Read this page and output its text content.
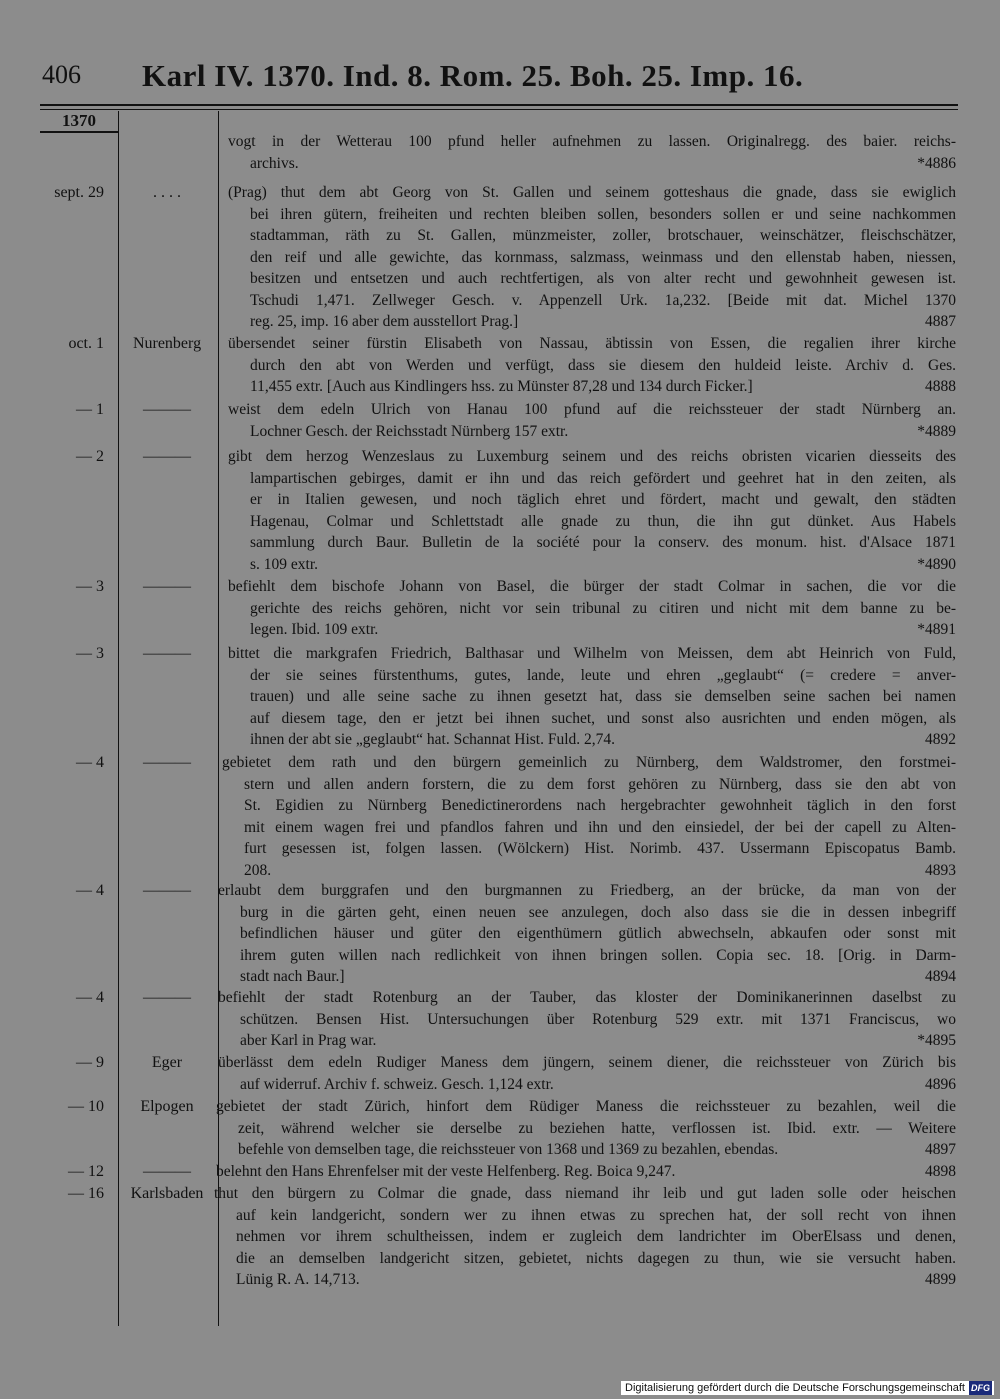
406 Karl IV. 1370. Ind. 8. Rom. 25. Boh. 25. Imp. 16.
1370
vogt in der Wetterau 100 pfund heller aufnehmen zu lassen. Originalregg. des baier. reichs-
archivs.	*4886
sept. 29	. . . .	(Prag) thut dem abt Georg von St. Gallen und seinem gotteshaus die gnade, dass sie ewiglich
bei ihren gütern, freiheiten und rechten bleiben sollen, besonders sollen er und seine nachkommen
stadtamman, räth zu St. Gallen, münzmeister, zoller, brotschauer, weinschätzer, fleischschätzer,
den reif und alle gewichte, das kornmass, salzmass, weinmass und den ellenstab haben, niessen,
besitzen und entsetzen und auch rechtfertigen, als von alter recht und gewohnheit gewesen ist.
Tschudi 1,471. Zellweger Gesch. v. Appenzell Urk. 1a,232. [Beide mit dat. Michel 1370
reg. 25, imp. 16 aber dem ausstellort Prag.]	4887
oct. 1	Nurenberg	übersendet seiner fürstin Elisabeth von Nassau, äbtissin von Essen, die regalien ihrer kirche
durch den abt von Werden und verfügt, dass sie diesem den huldeid leiste. Archiv d. Ges.
11,455 extr. [Auch aus Kindlingers hss. zu Münster 87,28 und 134 durch Ficker.]	4888
— 1	———	weist dem edeln Ulrich von Hanau 100 pfund auf die reichssteuer der stadt Nürnberg an.
Lochner Gesch. der Reichsstadt Nürnberg 157 extr.	*4889
— 2	———	gibt dem herzog Wenzeslaus zu Luxemburg seinem und des reichs obristen vicarien diesseits des
lampartischen gebirges, damit er ihn und das reich gefördert und geehret hat in den zeiten, als
er in Italien gewesen, und noch täglich ehret und fördert, macht und gewalt, den städten
Hagenau, Colmar und Schlettstadt alle gnade zu thun, die ihn gut dünket. Aus Habels
sammlung durch Baur. Bulletin de la société pour la conserv. des monum. hist. d'Alsace 1871
s. 109 extr.	*4890
— 3	———	befiehlt dem bischofe Johann von Basel, die bürger der stadt Colmar in sachen, die vor die
gerichte des reichs gehören, nicht vor sein tribunal zu citiren und nicht mit dem banne zu be-
legen. Ibid. 109 extr.	*4891
— 3	———	bittet die markgrafen Friedrich, Balthasar und Wilhelm von Meissen, dem abt Heinrich von Fuld,
der sie seines fürstenthums, gutes, lande, leute und ehren „geglaubt“ (= credere = anver-
trauen) und alle seine sache zu ihnen gesetzt hat, dass sie demselben seine sachen bei namen
auf diesem tage, den er jetzt bei ihnen suchet, und sonst also ausrichten und enden mögen, als
ihnen der abt sie „geglaubt“ hat. Schannat Hist. Fuld. 2,74.	4892
— 4	———	gebietet dem rath und den bürgern gemeinlich zu Nürnberg, dem Waldstromer, den forstmei-
stern und allen andern forstern, die zu dem forst gehören zu Nürnberg, dass sie den abt von
St. Egidien zu Nürnberg Benedictinerordens nach hergebrachter gewohnheit täglich in den forst
mit einem wagen frei und pfandlos fahren und ihn und den einsiedel, der bei der capell zu Alten-
furt gesessen ist, folgen lassen. (Wölckern) Hist. Norimb. 437. Ussermann Episcopatus Bamb.
208.	4893
— 4	———	erlaubt dem burggrafen und den burgmannen zu Friedberg, an der brücke, da man von der
burg in die gärten geht, einen neuen see anzulegen, doch also dass sie die in dessen inbegriff
befindlichen häuser und güter den eigenthümern gütlich abwechseln, abkaufen oder sonst mit
ihrem guten willen nach redlichkeit von ihnen bringen sollen. Copia sec. 18. [Orig. in Darm-
stadt nach Baur.]	4894
— 4	———	befiehlt der stadt Rotenburg an der Tauber, das kloster der Dominikanerinnen daselbst zu
schützen. Bensen Hist. Untersuchungen über Rotenburg 529 extr. mit 1371 Franciscus, wo
aber Karl in Prag war.	*4895
— 9	Eger	überlässt dem edeln Rudiger Maness dem jüngern, seinem diener, die reichssteuer von Zürich bis
auf widerruf. Archiv f. schweiz. Gesch. 1,124 extr.	4896
— 10	Elpogen	gebietet der stadt Zürich, hinfort dem Rüdiger Maness die reichssteuer zu bezahlen, weil die
zeit, während welcher sie derselbe zu beziehen hatte, verflossen ist. Ibid. extr. — Weitere
befehle von demselben tage, die reichssteuer von 1368 und 1369 zu bezahlen, ebendas.	4897
— 12	———	belehnt den Hans Ehrenfelser mit der veste Helfenberg. Reg. Boica 9,247.	4898
— 16	Karlsbaden thut den bürgern zu Colmar die gnade, dass niemand ihr leib und gut laden solle oder heischen
auf kein landgericht, sondern wer zu ihnen etwas zu sprechen hat, der soll recht von ihnen
nehmen vor ihrem schultheissen, indem er zugleich dem landrichter im OberElsass und denen,
die an demselben landgericht sitzen, gebietet, nichts dagegen zu thun, wie sie versucht haben.
Lünig R. A. 14,713.	4899
Digitalisierung gefördert durch die Deutsche Forschungsgemeinschaft DFG
